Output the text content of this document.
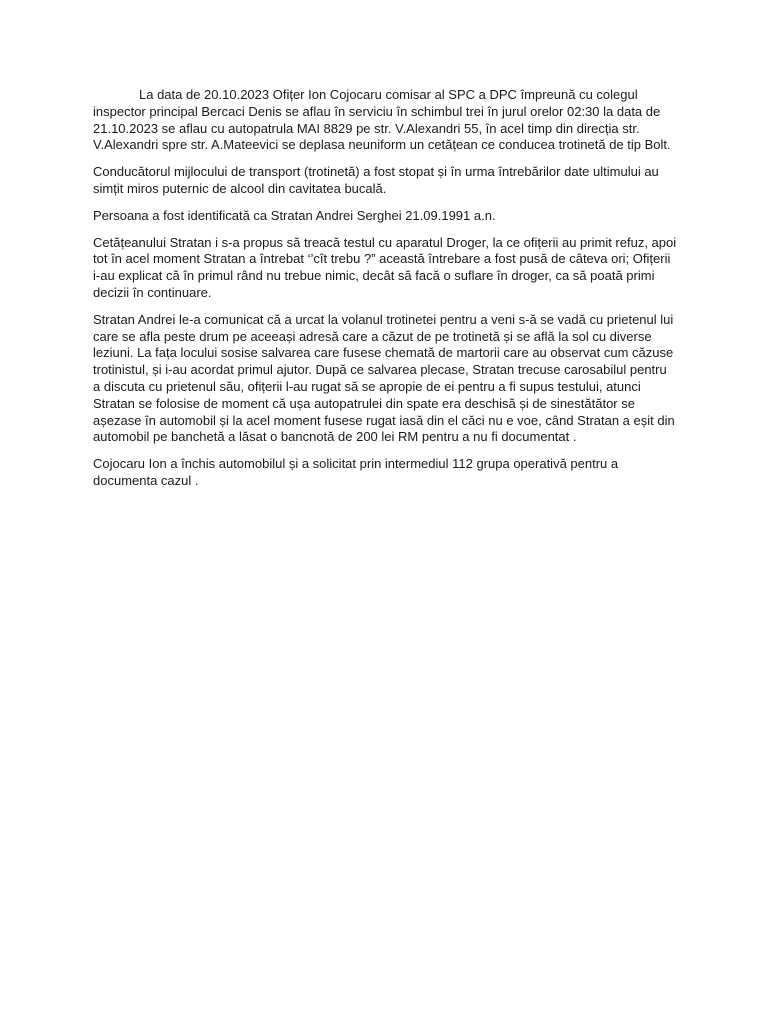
La data de 20.10.2023 Ofițer Ion Cojocaru comisar al SPC a DPC împreună cu colegul inspector principal Bercaci Denis se aflau în serviciu în schimbul trei în jurul orelor 02:30 la data de 21.10.2023 se aflau cu autopatrula MAI 8829 pe str. V.Alexandri 55, în acel timp din direcția str. V.Alexandri spre str. A.Mateevici se deplasa neuniform un cetățean ce conducea trotinetă de tip Bolt.

Conducătorul mijlocului de transport (trotinetă) a fost stopat și în urma întrebărilor date ultimului au simțit miros puternic de alcool din cavitatea bucală.

Persoana a fost identificată ca Stratan Andrei Serghei 21.09.1991 a.n.

Cetățeanului Stratan i s-a propus să treacă testul cu aparatul Droger, la ce ofițerii au primit refuz, apoi tot în acel moment Stratan a întrebat ‘’cît trebu ?” această întrebare a fost pusă de câteva ori; Ofițerii i-au explicat că în primul rând nu trebue nimic, decât să facă o suflare în droger, ca să poată primi decizii în continuare.

Stratan Andrei le-a comunicat că a urcat la volanul trotinetei pentru a veni s-ă se vadă cu prietenul lui care se afla peste drum pe aceeași adresă care a căzut de pe trotinetă și se află la sol cu diverse leziuni. La fața locului sosise salvarea care fusese chemată de martorii care au observat cum căzuse trotinistul, și i-au acordat primul ajutor. După ce salvarea plecase, Stratan trecuse carosabilul pentru a discuta cu prietenul său, ofițerii l-au rugat să se apropie de ei pentru a fi supus testului, atunci Stratan se folosise de moment că ușa autopatrulei din spate era deschisă și de sinestătător se așezase în automobil și la acel moment fusese rugat iasă din el căci nu e voe, când Stratan a eșit din automobil pe banchetă a lăsat o bancnotă de 200 lei RM pentru a nu fi documentat .

Cojocaru Ion a închis automobilul și a solicitat prin intermediul 112 grupa operativă pentru a documenta cazul .
